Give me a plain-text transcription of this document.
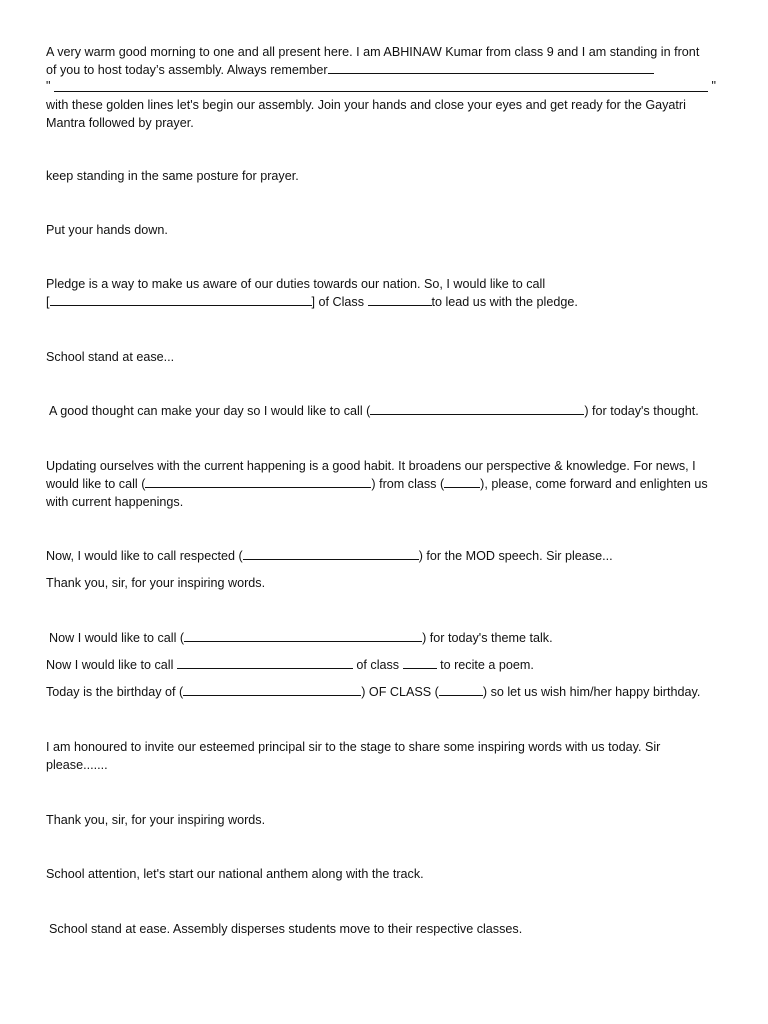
A very warm good morning to one and all present here. I am ABHINAW Kumar from class 9 and I am standing in front
of you to host today’s assembly. Always remember
"	"
with these golden lines let's begin our assembly. Join your hands and close your eyes and get ready for the Gayatri
Mantra followed by prayer.
keep standing in the same posture for prayer.
Put your hands down.
Pledge is a way to make us aware of our duties towards our nation. So, I would like to call
[	] of Class	to lead us with the pledge.
School stand at ease...
A good thought can make your day so I would like to call (	) for today's thought.
Updating ourselves with the current happening is a good habit. It broadens our perspective & knowledge. For news, I
would like to call (	) from class (	), please, come forward and enlighten us
with current happenings.
Now, I would like to call respected (	) for the MOD speech. Sir please...
Thank you, sir, for your inspiring words.
Now I would like to call (	) for today's theme talk.
Now I would like to call	of class	to recite a poem.
Today is the birthday of (	) OF CLASS (	) so let us wish him/her happy birthday.
I am honoured to invite our esteemed principal sir to the stage to share some inspiring words with us today. Sir
please.......
Thank you, sir, for your inspiring words.
School attention, let's start our national anthem along with the track.
School stand at ease. Assembly disperses students move to their respective classes.
